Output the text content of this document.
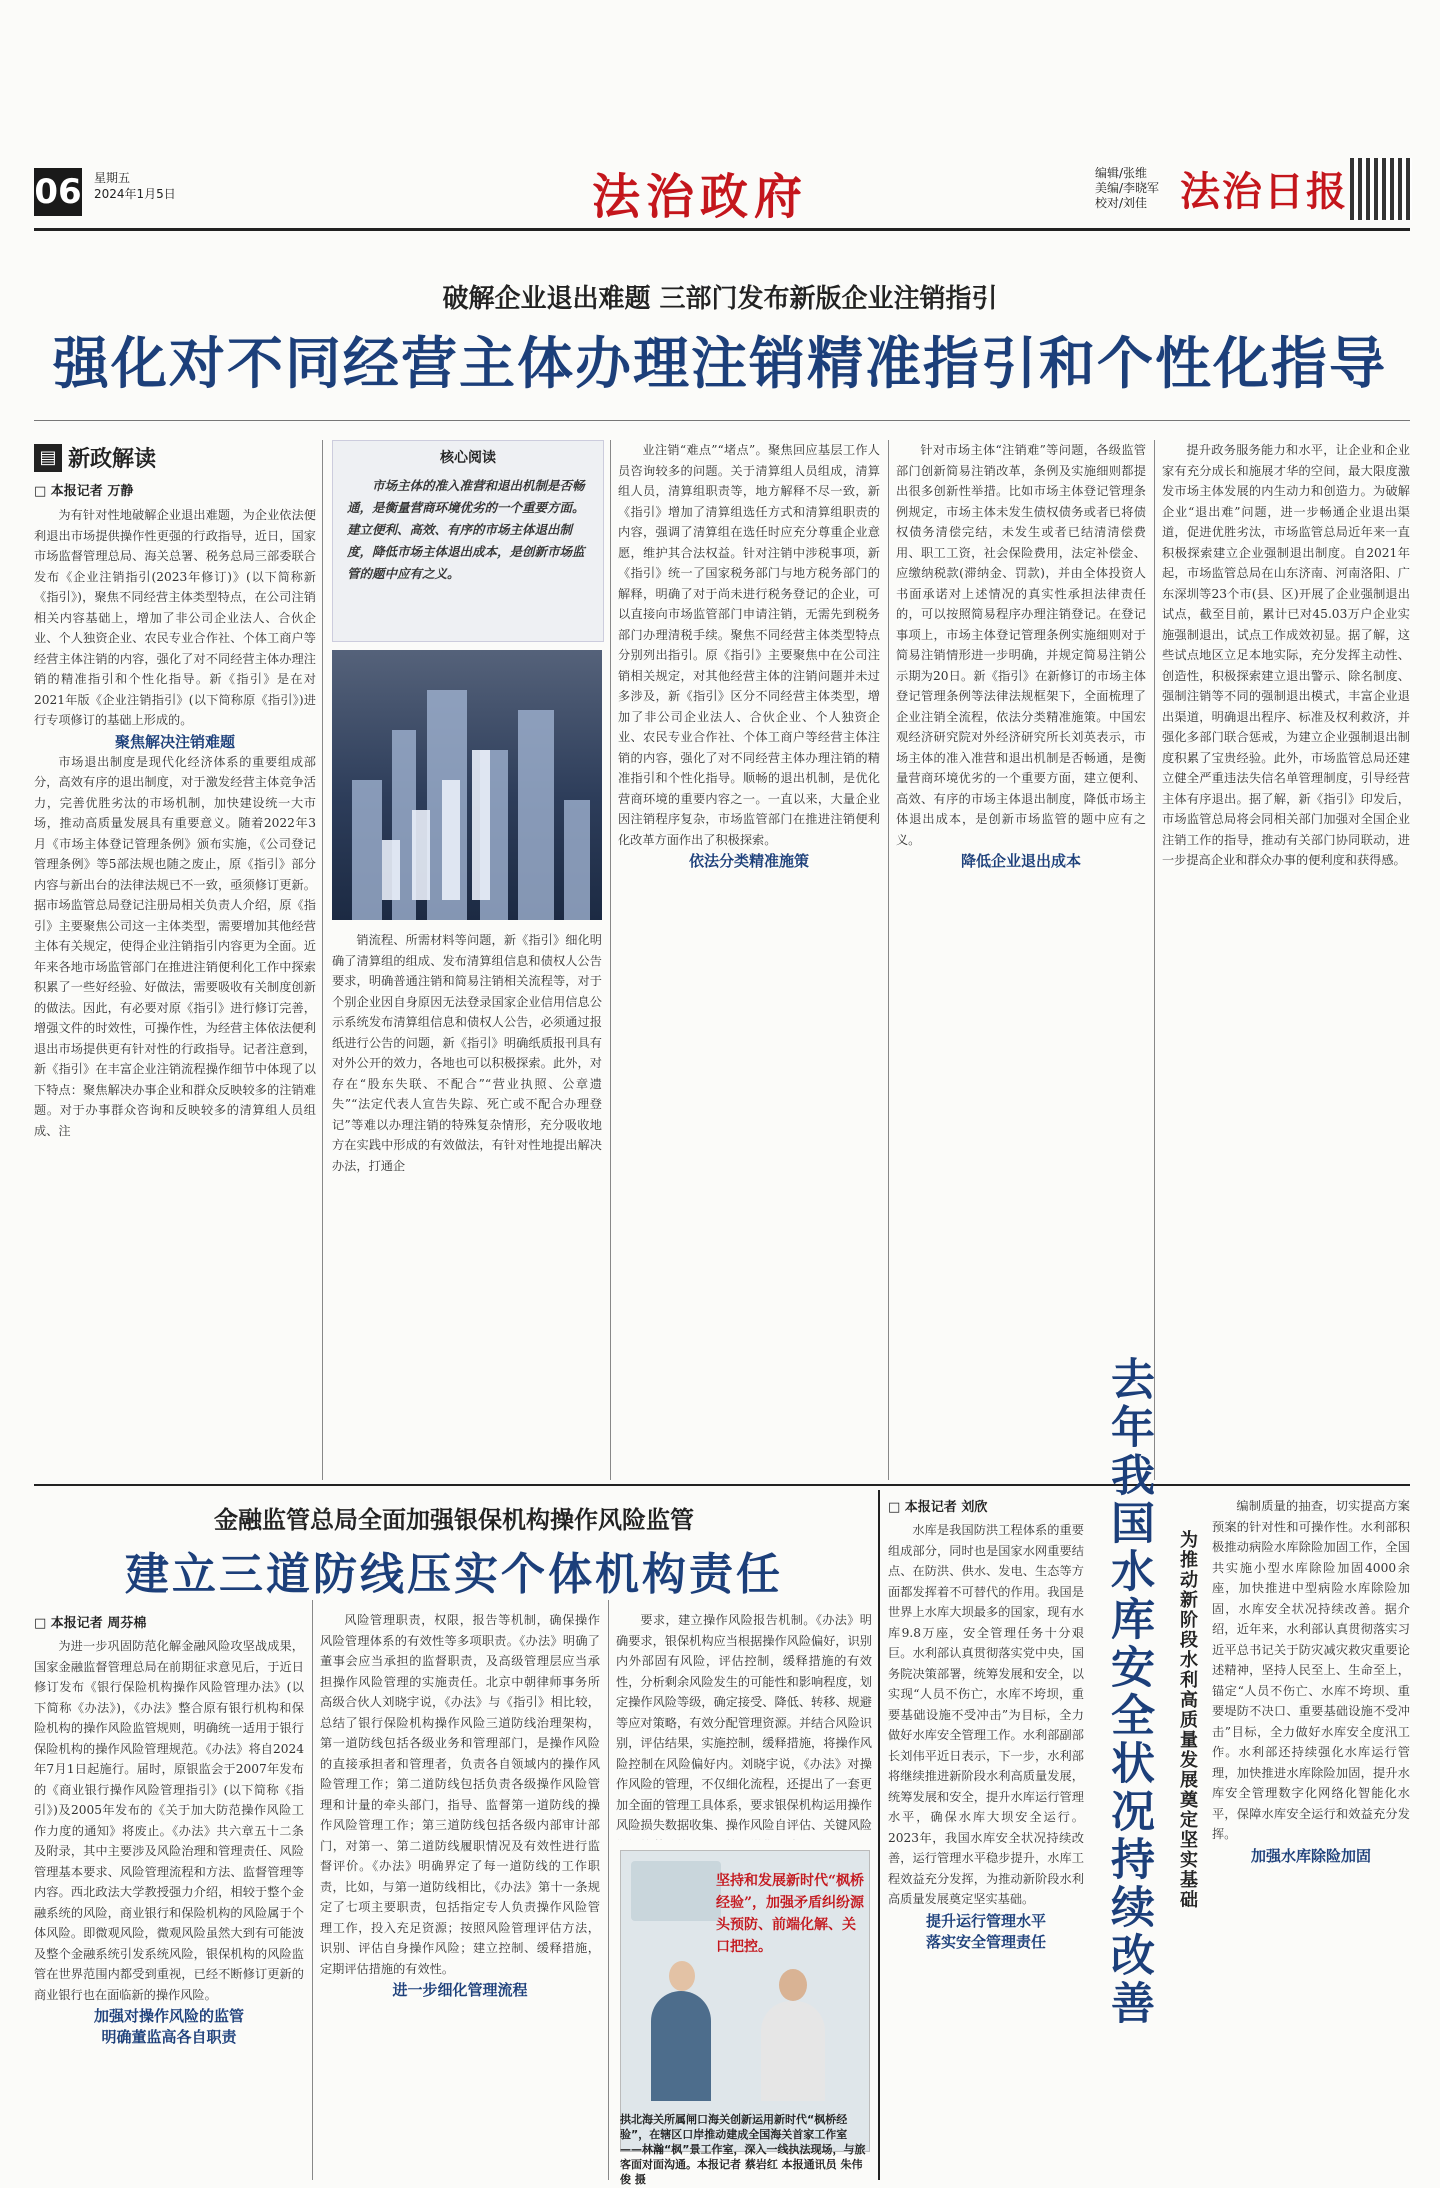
06 星期五
2024年1月5日	法治政府	编辑/张维
美编/李晓军
校对/刘佳 法治日报
破解企业退出难题 三部门发布新版企业注销指引
强化对不同经营主体办理注销精准指引和个性化指导
▤ 新政解读
□ 本报记者 万静

为有针对性地破解企业退出难题，为企业依法便利退出市场提供操作性更强的行政指导，近日，国家市场监督管理总局、海关总署、税务总局三部委联合发布《企业注销指引(2023年修订)》(以下简称新《指引》)，聚焦不同经营主体类型特点，在公司注销相关内容基础上，增加了非公司企业法人、合伙企业、个人独资企业、农民专业合作社、个体工商户等经营主体注销的内容，强化了对不同经营主体办理注销的精准指引和个性化指导。新《指引》是在对2021年版《企业注销指引》(以下简称原《指引》)进行专项修订的基础上形成的。

聚焦解决注销难题

市场退出制度是现代化经济体系的重要组成部分，高效有序的退出制度，对于激发经营主体竞争活力，完善优胜劣汰的市场机制，加快建设统一大市场，推动高质量发展具有重要意义。随着2022年3月《市场主体登记管理条例》颁布实施，《公司登记管理条例》等5部法规也随之废止，原《指引》部分内容与新出台的法律法规已不一致，亟须修订更新。据市场监管总局登记注册局相关负责人介绍，原《指引》主要聚焦公司这一主体类型，需要增加其他经营主体有关规定，使得企业注销指引内容更为全面。近年来各地市场监管部门在推进注销便利化工作中探索积累了一些好经验、好做法，需要吸收有关制度创新的做法。因此，有必要对原《指引》进行修订完善，增强文件的时效性，可操作性，为经营主体依法便利退出市场提供更有针对性的行政指导。记者注意到，新《指引》在丰富企业注销流程操作细节中体现了以下特点：聚焦解决办事企业和群众反映较多的注销难题。对于办事群众咨询和反映较多的清算组人员组成、注

核心阅读
市场主体的准入准营和退出机制是否畅通，是衡量营商环境优劣的一个重要方面。建立便利、高效、有序的市场主体退出制度，降低市场主体退出成本，是创新市场监管的题中应有之义。

销流程、所需材料等问题，新《指引》细化明确了清算组的组成、发布清算组信息和债权人公告要求，明确普通注销和简易注销相关流程等，对于个别企业因自身原因无法登录国家企业信用信息公示系统发布清算组信息和债权人公告，必须通过报纸进行公告的问题，新《指引》明确纸质报刊具有对外公开的效力，各地也可以积极探索。此外，对存在“股东失联、不配合”“营业执照、公章遗失”“法定代表人宣告失踪、死亡或不配合办理登记”等难以办理注销的特殊复杂情形，充分吸收地方在实践中形成的有效做法，有针对性地提出解决办法，打通企

业注销“难点”“堵点”。聚焦回应基层工作人员咨询较多的问题。关于清算组人员组成，清算组人员，清算组职责等，地方解释不尽一致，新《指引》增加了清算组选任方式和清算组职责的内容，强调了清算组在选任时应充分尊重企业意愿，维护其合法权益。针对注销中涉税事项，新《指引》统一了国家税务部门与地方税务部门的解释，明确了对于尚未进行税务登记的企业，可以直接向市场监管部门申请注销，无需先到税务部门办理清税手续。聚焦不同经营主体类型特点分别列出指引。原《指引》主要聚焦中在公司注销相关规定，对其他经营主体的注销问题并未过多涉及，新《指引》区分不同经营主体类型，增加了非公司企业法人、合伙企业、个人独资企业、农民专业合作社、个体工商户等经营主体注销的内容，强化了对不同经营主体办理注销的精准指引和个性化指导。顺畅的退出机制，是优化营商环境的重要内容之一。一直以来，大量企业因注销程序复杂，市场监管部门在推进注销便利化改革方面作出了积极探索。

依法分类精准施策

针对市场主体“注销难”等问题，各级监管部门创新简易注销改革，条例及实施细则都提出很多创新性举措。比如市场主体登记管理条例规定，市场主体未发生债权债务或者已将债权债务清偿完结，未发生或者已结清清偿费用、职工工资，社会保险费用，法定补偿金、应缴纳税款(滞纳金、罚款)，并由全体投资人书面承诺对上述情况的真实性承担法律责任的，可以按照简易程序办理注销登记。在登记事项上，市场主体登记管理条例实施细则对于简易注销情形进一步明确，并规定简易注销公示期为20日。新《指引》在新修订的市场主体登记管理条例等法律法规框架下，全面梳理了企业注销全流程，依法分类精准施策。中国宏观经济研究院对外经济研究所长刘英表示，市场主体的准入准营和退出机制是否畅通，是衡量营商环境优劣的一个重要方面，建立便利、高效、有序的市场主体退出制度，降低市场主体退出成本，是创新市场监管的题中应有之义。

降低企业退出成本

提升政务服务能力和水平，让企业和企业家有充分成长和施展才华的空间，最大限度激发市场主体发展的内生动力和创造力。为破解企业“退出难”问题，进一步畅通企业退出渠道，促进优胜劣汰，市场监管总局近年来一直积极探索建立企业强制退出制度。自2021年起，市场监管总局在山东济南、河南洛阳、广东深圳等23个市(县、区)开展了企业强制退出试点，截至目前，累计已对45.03万户企业实施强制退出，试点工作成效初显。据了解，这些试点地区立足本地实际，充分发挥主动性、创造性，积极探索建立退出警示、除名制度、强制注销等不同的强制退出模式，丰富企业退出渠道，明确退出程序、标准及权利救济，并强化多部门联合惩戒，为建立企业强制退出制度积累了宝贵经验。此外，市场监管总局还建立健全严重违法失信名单管理制度，引导经营主体有序退出。据了解，新《指引》印发后，市场监管总局将会同相关部门加强对全国企业注销工作的指导，推动有关部门协同联动，进一步提高企业和群众办事的便利度和获得感。

金融监管总局全面加强银保机构操作风险监管
建立三道防线压实个体机构责任
□ 本报记者 周芬棉

为进一步巩固防范化解金融风险攻坚战成果，国家金融监督管理总局在前期征求意见后，于近日修订发布《银行保险机构操作风险管理办法》(以下简称《办法》)，《办法》整合原有银行机构和保险机构的操作风险监管规则，明确统一适用于银行保险机构的操作风险管理规范。《办法》将自2024年7月1日起施行。届时，原银监会于2007年发布的《商业银行操作风险管理指引》(以下简称《指引》)及2005年发布的《关于加大防范操作风险工作力度的通知》将废止。《办法》共六章五十二条及附录，其中主要涉及风险治理和管理责任、风险管理基本要求、风险管理流程和方法、监督管理等内容。西北政法大学教授强力介绍，相较于整个金融系统的风险，商业银行和保险机构的风险属于个体风险。即微观风险，微观风险虽然大到有可能波及整个金融系统引发系统风险，银保机构的风险监管在世界范围内都受到重视，已经不断修订更新的商业银行也在面临新的操作风险。

加强对操作风险的监管

明确董监高各自职责

风险管理职责，权限，报告等机制，确保操作风险管理体系的有效性等多项职责。《办法》明确了董事会应当承担的监督职责，及高级管理层应当承担操作风险管理的实施责任。北京中朝律师事务所高级合伙人刘晓宇说，《办法》与《指引》相比较，总结了银行保险机构操作风险三道防线治理架构，第一道防线包括各级业务和管理部门，是操作风险的直接承担者和管理者，负责各自领域内的操作风险管理工作；第二道防线包括负责各级操作风险管理和计量的牵头部门，指导、监督第一道防线的操作风险管理工作；第三道防线包括各级内部审计部门，对第一、第二道防线履职情况及有效性进行监督评价。《办法》明确界定了每一道防线的工作职责，比如，与第一道防线相比，《办法》第十一条规定了七项主要职责，包括指定专人负责操作风险管理工作，投入充足资源；按照风险管理评估方法，识别、评估自身操作风险；建立控制、缓释措施，定期评估措施的有效性。

进一步细化管理流程

要求，建立操作风险报告机制。《办法》明确要求，银保机构应当根据操作风险偏好，识别内外部固有风险，评估控制，缓释措施的有效性，分析剩余风险发生的可能性和影响程度，划定操作风险等级，确定接受、降低、转移、规避等应对策略，有效分配管理资源。并结合风险识别，评估结果，实施控制，缓释措施，将操作风险控制在风险偏好内。刘晓宇说，《办法》对操作风险的管理，不仅细化流程，还提出了一套更加全面的管理工具体系，要求银保机构运用操作风险损失数据收集、操作风险自评估、关键风险

坚持和发展新时代“枫桥经验”，加强矛盾纠纷源头预防、前端化解、关口把控。
拱北海关所属闸口海关创新运用新时代“枫桥经验”，在辖区口岸推动建成全国海关首家工作室——林瀚“枫”景工作室，深入一线执法现场，与旅客面对面沟通。本报记者 蔡岩红 本报通讯员 朱伟俊 摄
□ 本报记者 刘欣

水库是我国防洪工程体系的重要组成部分，同时也是国家水网重要结点、在防洪、供水、发电、生态等方面都发挥着不可替代的作用。我国是世界上水库大坝最多的国家，现有水库9.8万座，安全管理任务十分艰巨。水利部认真贯彻落实党中央，国务院决策部署，统筹发展和安全，以实现“人员不伤亡，水库不垮坝，重要基础设施不受冲击”为目标，全力做好水库安全管理工作。水利部副部长刘伟平近日表示，下一步，水利部将继续推进新阶段水利高质量发展，统筹发展和安全，提升水库运行管理水平，确保水库大坝安全运行。2023年，我国水库安全状况持续改善，运行管理水平稳步提升，水库工程效益充分发挥，为推动新阶段水利高质量发展奠定坚实基础。

提升运行管理水平

落实安全管理责任	去年我国水库安全状况持续改善	为推动新阶段水利高质量发展奠定坚实基础

编制质量的抽查，切实提高方案预案的针对性和可操作性。水利部积极推动病险水库除险加固工作，全国共实施小型水库除险加固4000余座，加快推进中型病险水库除险加固，水库安全状况持续改善。据介绍，近年来，水利部认真贯彻落实习近平总书记关于防灾减灾救灾重要论述精神，坚持人民至上、生命至上，锚定“人员不伤亡、水库不垮坝、重要堤防不决口、重要基础设施不受冲击”目标，全力做好水库安全度汛工作。水利部还持续强化水库运行管理，加快推进水库除险加固，提升水库安全管理数字化网络化智能化水平，保障水库安全运行和效益充分发挥。

加强水库除险加固
